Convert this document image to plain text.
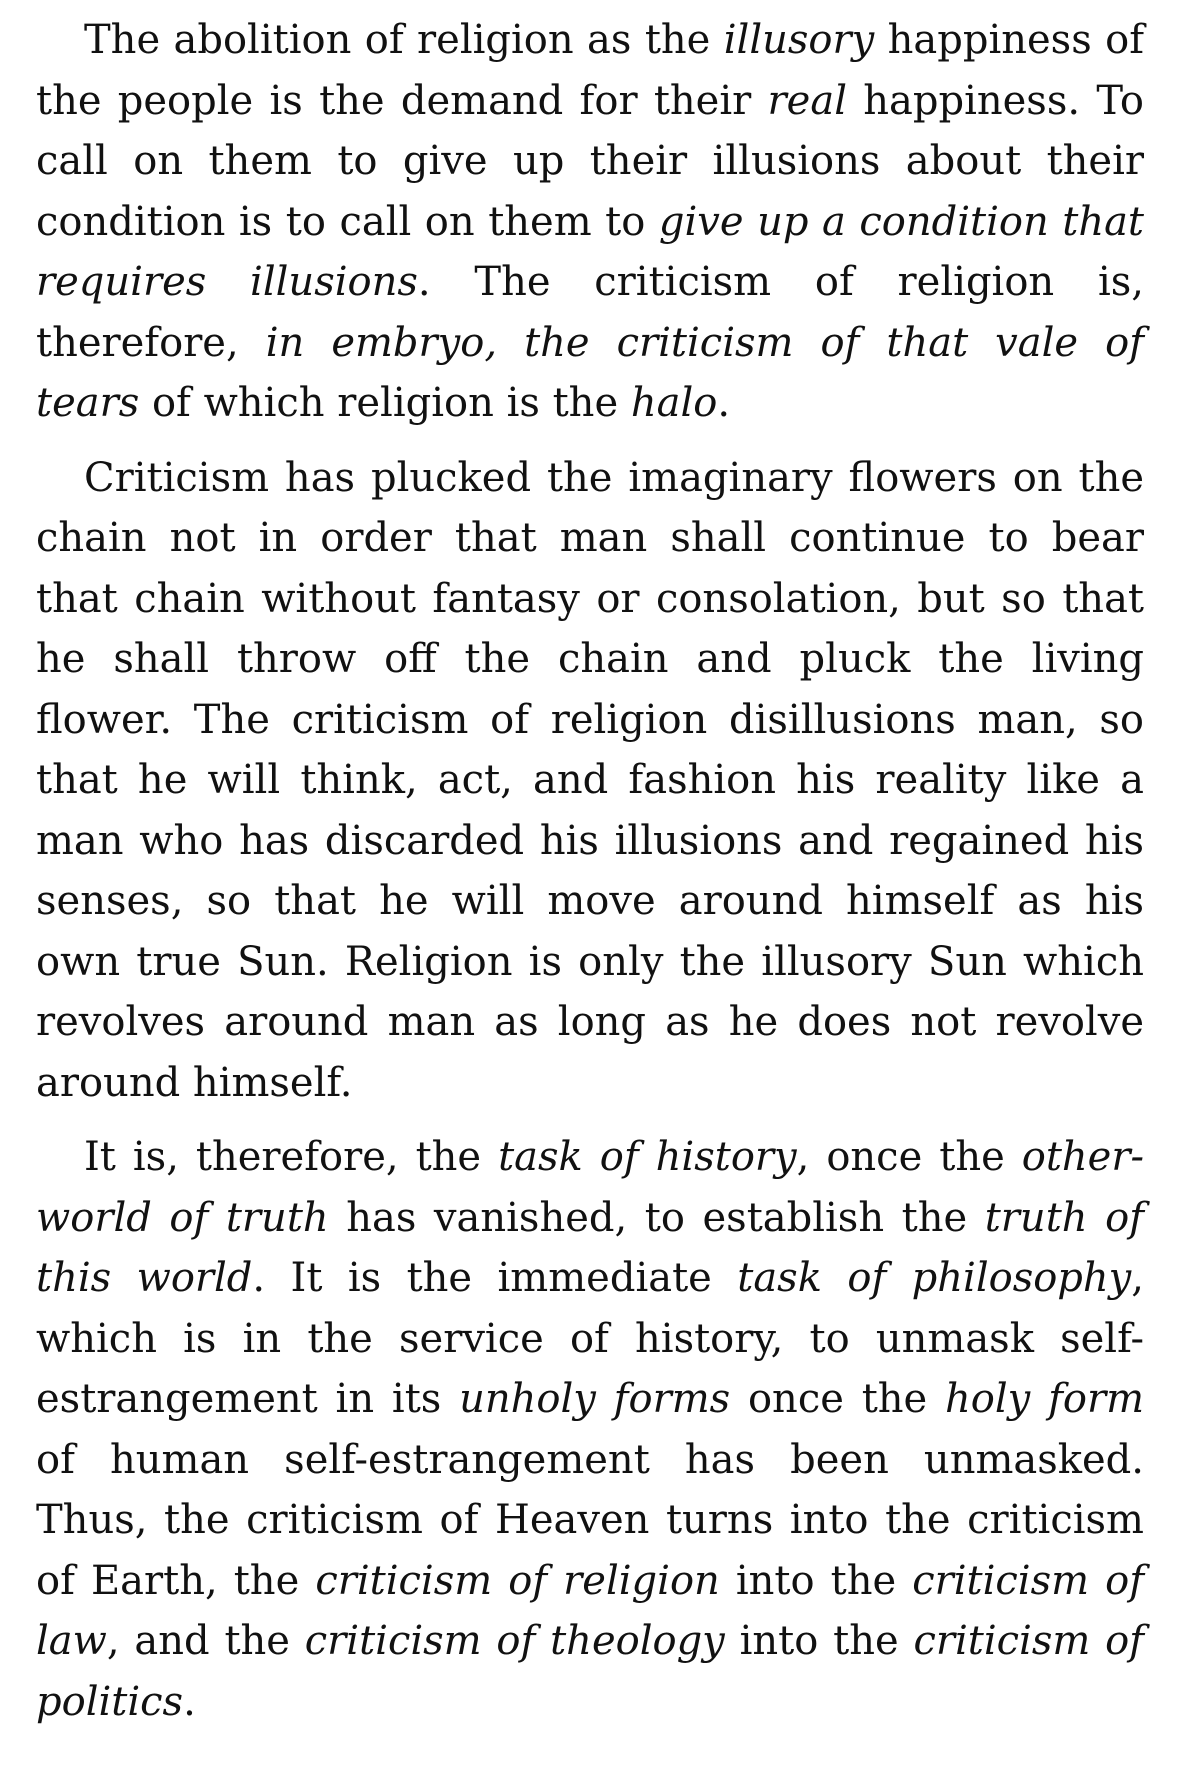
The abolition of religion as the illusory happiness of the people is the demand for their real happiness. To call on them to give up their illusions about their condition is to call on them to give up a condition that requires illusions. The criticism of religion is, therefore, in embryo, the criticism of that vale of tears of which religion is the halo.

Criticism has plucked the imaginary flowers on the chain not in order that man shall continue to bear that chain without fantasy or consolation, but so that he shall throw off the chain and pluck the living flower. The criticism of religion disillusions man, so that he will think, act, and fashion his reality like a man who has discarded his illusions and regained his senses, so that he will move around himself as his own true Sun. Religion is only the illusory Sun which revolves around man as long as he does not revolve around himself.

It is, therefore, the task of history, once the other-world of truth has vanished, to establish the truth of this world. It is the immediate task of philosophy, which is in the service of history, to unmask self-estrangement in its unholy forms once the holy form of human self-estrangement has been unmasked. Thus, the criticism of Heaven turns into the criticism of Earth, the criticism of religion into the criticism of law, and the criticism of theology into the criticism of politics.
